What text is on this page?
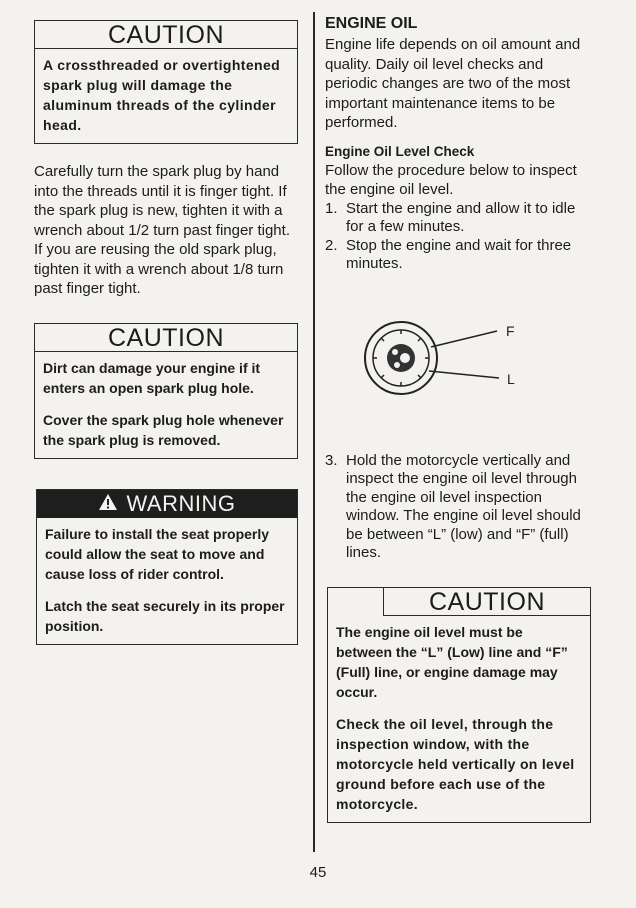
CAUTION

A crossthreaded or overtightened spark plug will damage the aluminum threads of the cylinder head.

Carefully turn the spark plug by hand into the threads until it is finger tight. If the spark plug is new, tighten it with a wrench about 1/2 turn past finger tight. If you are reusing the old spark plug, tighten it with a wrench about 1/8 turn past finger tight.

CAUTION

Dirt can damage your engine if it enters an open spark plug hole.

Cover the spark plug hole whenever the spark plug is removed.

WARNING

Failure to install the seat properly could allow the seat to move and cause loss of rider control.

Latch the seat securely in its proper position.

ENGINE OIL

Engine life depends on oil amount and quality. Daily oil level checks and periodic changes are two of the most important maintenance items to be performed.

Engine Oil Level Check

Follow the procedure below to inspect the engine oil level.

1. Start the engine and allow it to idle for a few minutes.
2. Stop the engine and wait for three minutes.
F
L
3. Hold the motorcycle vertically and inspect the engine oil level through the engine oil level inspection window. The engine oil level should be between “L” (low) and “F” (full) lines.
CAUTION

The engine oil level must be between the “L” (Low) line and “F” (Full) line, or engine damage may occur.

Check the oil level, through the inspection window, with the motorcycle held vertically on level ground before each use of the motorcycle.

45
